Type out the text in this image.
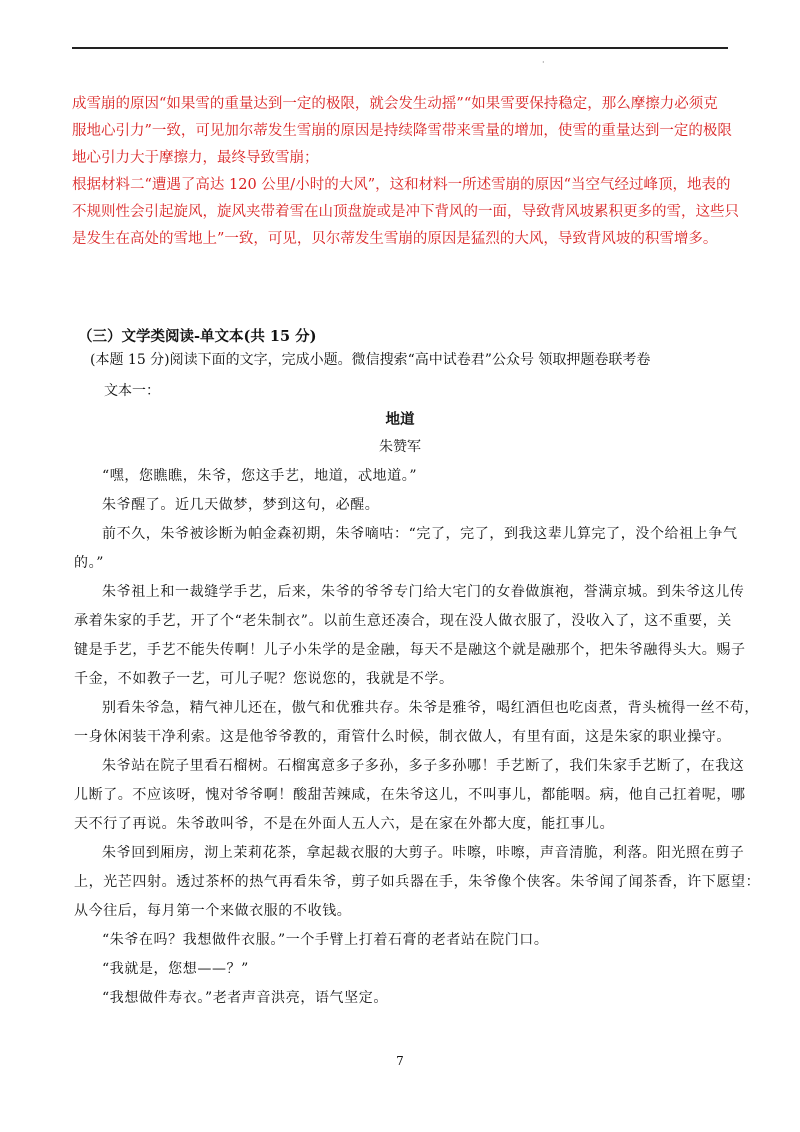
·

成雪崩的原因“如果雪的重量达到一定的极限，就会发生动摇”“如果雪要保持稳定，那么摩擦力必须克

服地心引力”一致，可见加尔蒂发生雪崩的原因是持续降雪带来雪量的增加，使雪的重量达到一定的极限

地心引力大于摩擦力，最终导致雪崩；

根据材料二“遭遇了高达 120 公里/小时的大风”，这和材料一所述雪崩的原因“当空气经过峰顶，地表的

不规则性会引起旋风，旋风夹带着雪在山顶盘旋或是冲下背风的一面，导致背风坡累积更多的雪，这些只

是发生在高处的雪地上”一致，可见，贝尔蒂发生雪崩的原因是猛烈的大风，导致背风坡的积雪增多。

（三）文学类阅读-单文本(共 15 分)
(本题 15 分)阅读下面的文字，完成小题。微信搜索“高中试卷君”公众号 领取押题卷联考卷
文本一：
地道
朱赞军

“嘿，您瞧瞧，朱爷，您这手艺，地道，忒地道。”

朱爷醒了。近几天做梦，梦到这句，必醒。

前不久，朱爷被诊断为帕金森初期，朱爷嘀咕：“完了，完了，到我这辈儿算完了，没个给祖上争气

的。”

朱爷祖上和一裁缝学手艺，后来，朱爷的爷爷专门给大宅门的女眷做旗袍，誉满京城。到朱爷这儿传

承着朱家的手艺，开了个“老朱制衣”。以前生意还凑合，现在没人做衣服了，没收入了，这不重要，关

键是手艺，手艺不能失传啊！儿子小朱学的是金融，每天不是融这个就是融那个，把朱爷融得头大。赐子

千金，不如教子一艺，可儿子呢？您说您的，我就是不学。

别看朱爷急，精气神儿还在，傲气和优雅共存。朱爷是雅爷，喝红酒但也吃卤煮，背头梳得一丝不苟，

一身休闲装干净利索。这是他爷爷教的，甭管什么时候，制衣做人，有里有面，这是朱家的职业操守。

朱爷站在院子里看石榴树。石榴寓意多子多孙，多子多孙哪！手艺断了，我们朱家手艺断了，在我这

儿断了。不应该呀，愧对爷爷啊！酸甜苦辣咸，在朱爷这儿，不叫事儿，都能咽。病，他自己扛着呢，哪

天不行了再说。朱爷敢叫爷，不是在外面人五人六，是在家在外都大度，能扛事儿。

朱爷回到厢房，沏上茉莉花茶，拿起裁衣服的大剪子。咔嚓，咔嚓，声音清脆，利落。阳光照在剪子

上，光芒四射。透过茶杯的热气再看朱爷，剪子如兵器在手，朱爷像个侠客。朱爷闻了闻茶香，许下愿望：

从今往后，每月第一个来做衣服的不收钱。

“朱爷在吗？我想做件衣服。”一个手臂上打着石膏的老者站在院门口。

“我就是，您想——？”

“我想做件寿衣。”老者声音洪亮，语气坚定。

7
